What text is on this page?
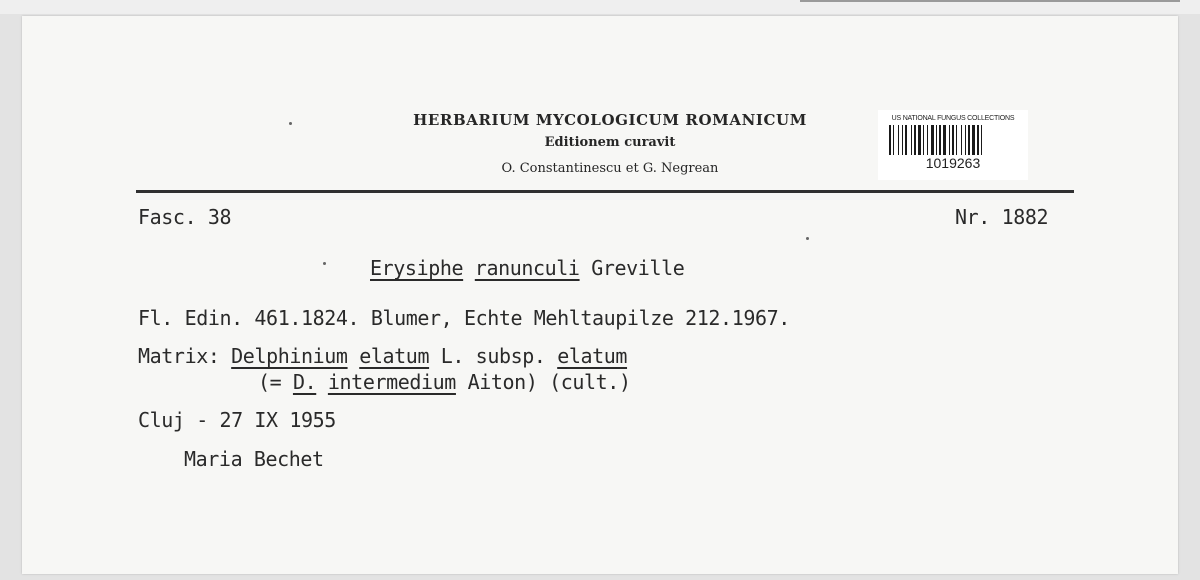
HERBARIUM MYCOLOGICUM ROMANICUM
Editionem curavit
O. Constantinescu et G. Negrean
US NATIONAL FUNGUS COLLECTIONS
1019263
Fasc. 38	Nr. 1882
Erysiphe ranunculi Greville
Fl. Edin. 461.1824. Blumer, Echte Mehltaupilze 212.1967.
Matrix: Delphinium elatum L. subsp. elatum
(= D. intermedium Aiton) (cult.)
Cluj - 27 IX 1955
Maria Bechet
